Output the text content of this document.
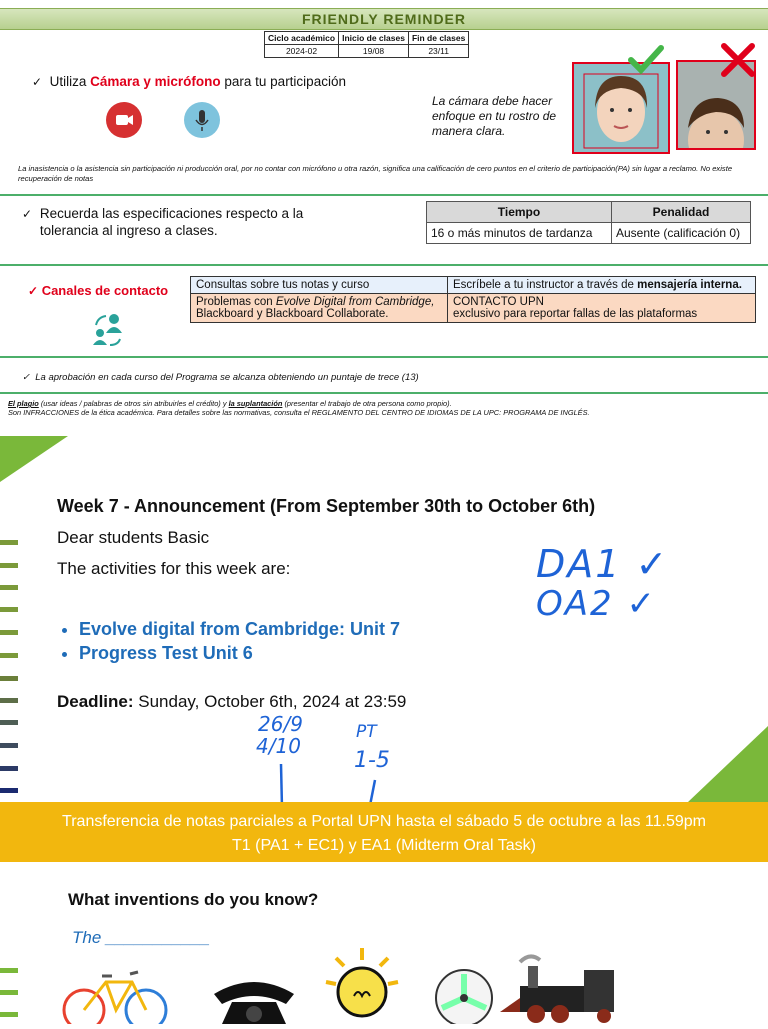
FRIENDLY REMINDER
Ciclo académico	Inicio de clases	Fin de clases
2024-02	19/08	23/11
✓ Utiliza Cámara y micrófono para tu participación
La cámara debe hacer enfoque en tu rostro de manera clara.
La inasistencia o la asistencia sin participación ni producción oral, por no contar con micrófono u otra razón, significa una calificación de cero puntos en el criterio de participación(PA) sin lugar a reclamo. No existe recuperación de notas
✓ Recuerda las especificaciones respecto a la tolerancia al ingreso a clases.
Tiempo	Penalidad
16 o más minutos de tardanza	Ausente (calificación 0)
✓ Canales de contacto Consultas sobre tus notas y curso	Escríbele a tu instructor a través de mensajería interna.
Problemas con Evolve Digital from Cambridge,
Blackboard y Blackboard Collaborate.	CONTACTO UPN
exclusivo para reportar fallas de las plataformas
✓ La aprobación en cada curso del Programa se alcanza obteniendo un puntaje de trece (13)
El plagio (usar ideas / palabras de otros sin atribuirles el crédito) y la suplantación (presentar el trabajo de otra persona como propio).
Son INFRACCIONES de la ética académica. Para detalles sobre las normativas, consulta el REGLAMENTO DEL CENTRO DE IDIOMAS DE LA UPC: PROGRAMA DE INGLÉS.
Week 7 - Announcement (From September 30th to October 6th)
Dear students Basic
The activities for this week are:
• Evolve digital from Cambridge: Unit 7
• Progress Test Unit 6
Deadline: Sunday, October 6th, 2024 at 23:59
DA1 ✓
OA2 ✓
26/9
4/10
PT
1-5
Transferencia de notas parciales a Portal UPN hasta el sábado 5 de octubre a las 11.59pm
T1 (PA1 + EC1) y EA1 (Midterm Oral Task)
What inventions do you know?
The ___________
